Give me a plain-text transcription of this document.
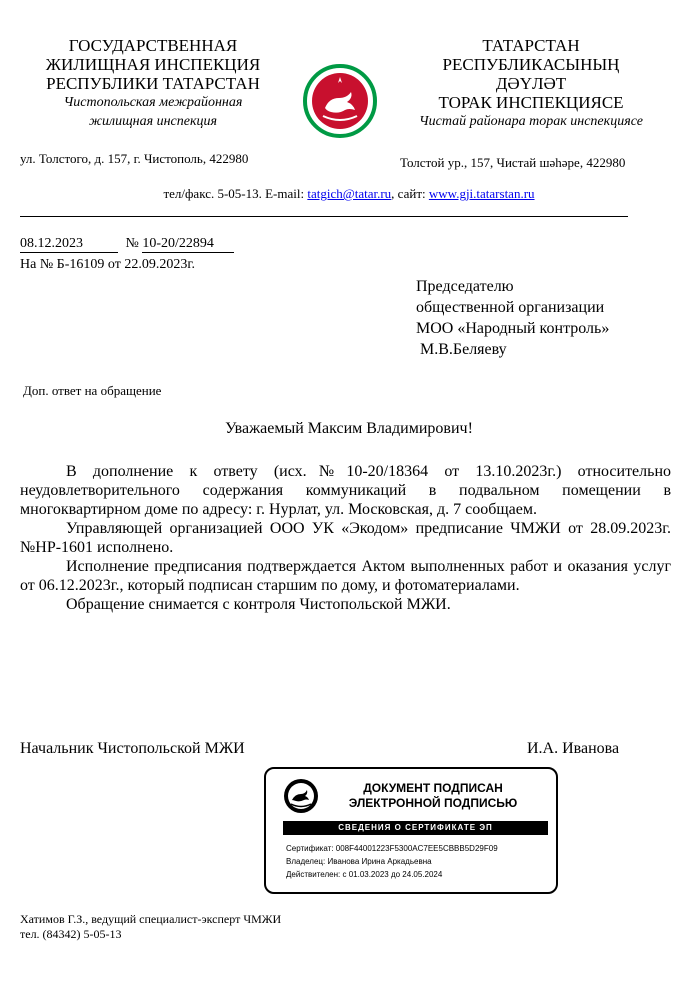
ГОСУДАРСТВЕННАЯ
ЖИЛИЩНАЯ ИНСПЕКЦИЯ
РЕСПУБЛИКИ ТАТАРСТАН
Чистопольская межрайонная
жилищная инспекция
ул. Толстого, д. 157, г. Чистополь, 422980
ТАТАРСТАН
РЕСПУБЛИКАСЫНЫҢ
ДӘҮЛӘТ
ТОРАК ИНСПЕКЦИЯСЕ
Чистай районара торак инспекциясе
Толстой ур., 157, Чистай шәһәре, 422980
тел/факс. 5-05-13. E-mail: tatgich@tatar.ru, сайт: www.gji.tatarstan.ru
08.12.2023	№ 10-20/22894
На № Б-16109 от 22.09.2023г.
Председателю
общественной организации
МОО «Народный контроль»
М.В.Беляеву
Доп. ответ на обращение
Уважаемый Максим Владимирович!

В дополнение к ответу (исх.№10-20/18364 от 13.10.2023г.) относительно неудовлетворительного содержания коммуникаций в подвальном помещении в многоквартирном доме по адресу: г. Нурлат, ул. Московская, д. 7 сообщаем.

Управляющей организацией ООО УК «Экодом» предписание ЧМЖИ от 28.09.2023г. №НР-1601 исполнено.

Исполнение предписания подтверждается Актом выполненных работ и оказания услуг от 06.12.2023г., который подписан старшим по дому, и фотоматериалами.

Обращение снимается с контроля Чистопольской МЖИ.

Начальник Чистопольской МЖИ	И.А. Иванова
ДОКУМЕНТ ПОДПИСАН
ЭЛЕКТРОННОЙ ПОДПИСЬЮ
СВЕДЕНИЯ О СЕРТИФИКАТЕ ЭП
Сертификат: 008F44001223F5300AC7EE5CBBB5D29F09
Владелец: Иванова Ирина Аркадьевна
Действителен: с 01.03.2023 до 24.05.2024
Хатимов Г.З., ведущий специалист-эксперт ЧМЖИ
тел. (84342) 5-05-13
